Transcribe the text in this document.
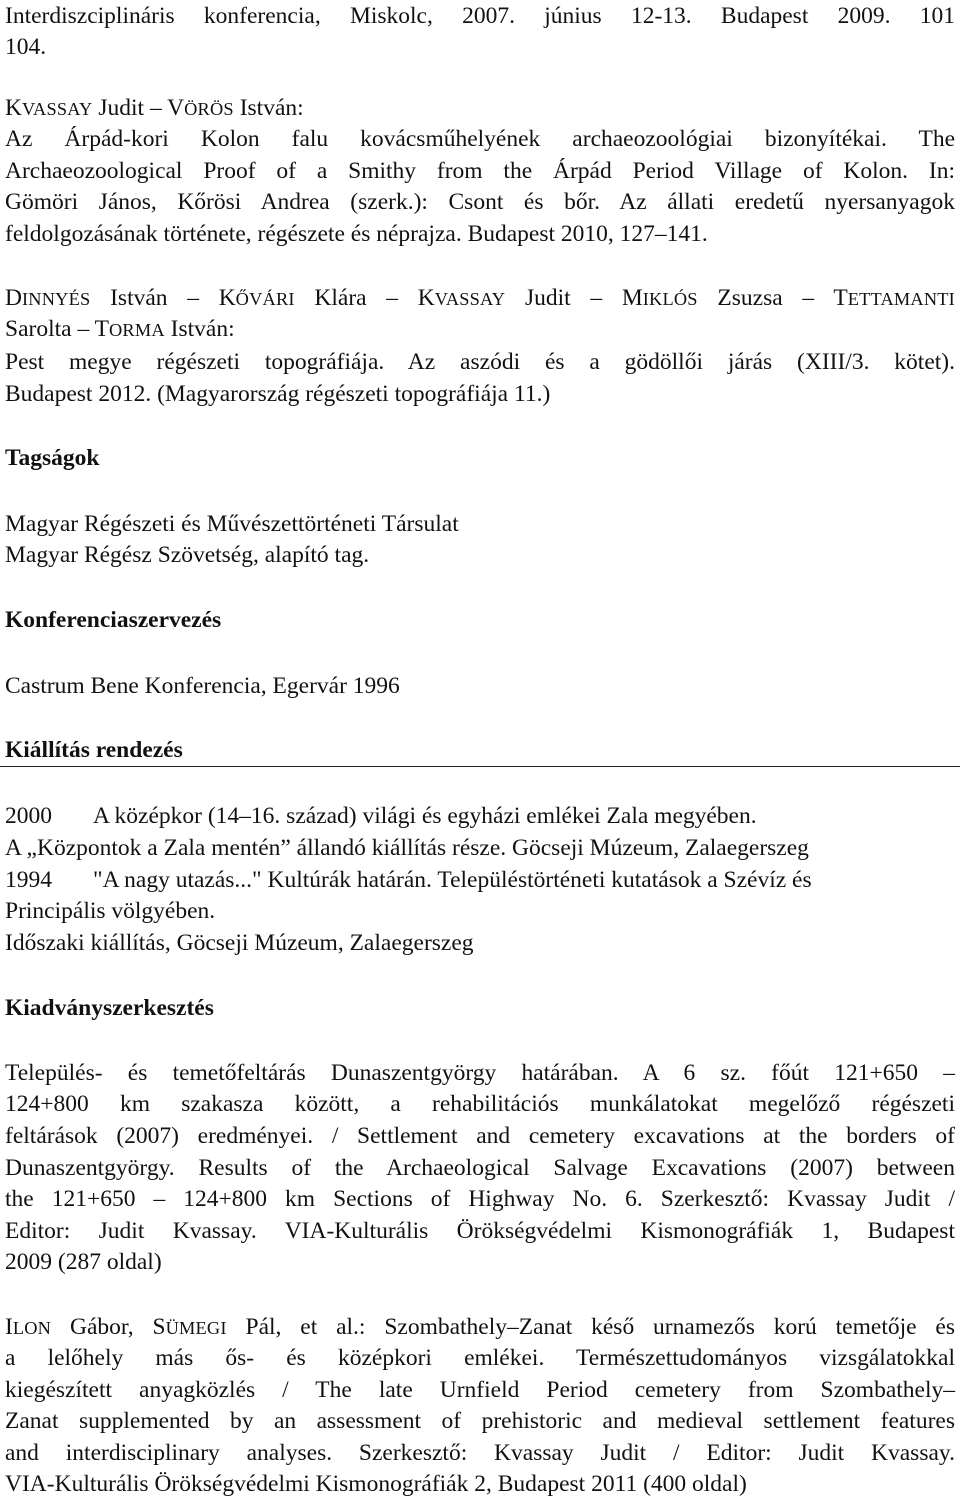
Interdiszciplináris konferencia, Miskolc, 2007. június 12-13. Budapest 2009. 101
104.
KVASSAY Judit – VÖRÖS István:
Az Árpád-kori Kolon falu kovácsműhelyének archaeozoológiai bizonyítékai. The
Archaeozoological Proof of a Smithy from the Árpád Period Village of Kolon. In:
Gömöri János, Kőrösi Andrea (szerk.): Csont és bőr. Az állati eredetű nyersanyagok
feldolgozásának története, régészete és néprajza. Budapest 2010, 127–141.
DINNYÉS István – KŐVÁRI Klára – KVASSAY Judit – MIKLÓS Zsuzsa – TETTAMANTI
Sarolta – TORMA István:
Pest megye régészeti topográfiája. Az aszódi és a gödöllői járás (XIII/3. kötet).
Budapest 2012. (Magyarország régészeti topográfiája 11.)
Tagságok
Magyar Régészeti és Művészettörténeti Társulat
Magyar Régész Szövetség, alapító tag.
Konferenciaszervezés
Castrum Bene Konferencia, Egervár 1996
Kiállítás rendezés
2000 A középkor (14–16. század) világi és egyházi emlékei Zala megyében.
A „Központok a Zala mentén” állandó kiállítás része. Göcseji Múzeum, Zalaegerszeg
1994 "A nagy utazás..." Kultúrák határán. Településtörténeti kutatások a Szévíz és
Principális völgyében.
Időszaki kiállítás, Göcseji Múzeum, Zalaegerszeg
Kiadványszerkesztés
Település- és temetőfeltárás Dunaszentgyörgy határában. A 6 sz. főút 121+650 –
124+800 km szakasza között, a rehabilitációs munkálatokat megelőző régészeti
feltárások (2007) eredményei. / Settlement and cemetery excavations at the borders of
Dunaszentgyörgy. Results of the Archaeological Salvage Excavations (2007) between
the 121+650 – 124+800 km Sections of Highway No. 6. Szerkesztő: Kvassay Judit /
Editor: Judit Kvassay. VIA-Kulturális Örökségvédelmi Kismonográfiák 1, Budapest
2009 (287 oldal)
ILON Gábor, SÜMEGI Pál, et al.: Szombathely–Zanat késő urnamezős korú temetője és
a lelőhely más ős- és középkori emlékei. Természettudományos vizsgálatokkal
kiegészített anyagközlés / The late Urnfield Period cemetery from Szombathely–
Zanat supplemented by an assessment of prehistoric and medieval settlement features
and interdisciplinary analyses. Szerkesztő: Kvassay Judit / Editor: Judit Kvassay.
VIA-Kulturális Örökségvédelmi Kismonográfiák 2, Budapest 2011 (400 oldal)
